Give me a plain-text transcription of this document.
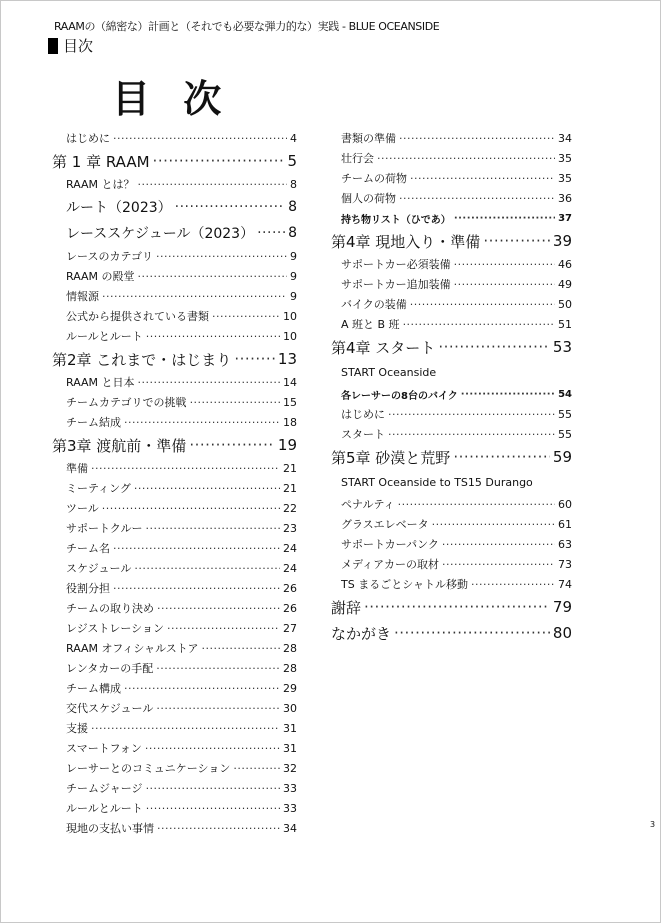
RAAMの（綿密な）計画と（それでも必要な弾力的な）実践 - BLUE OCEANSIDE
目次
目 次
はじめに ·····	4
第 1 章 RAAM ·····	5
RAAM とは？ ·····	8
ルート（2023） ·····	8
レーススケジュール（2023） ····· 8
レースのカテゴリ ·····	9
RAAM の殿堂 ·····	9
情報源 ·····	9
公式から提供されている書類 ·····	10
ルールとルート ·····	10
第2章 これまで・はじまり ·····	13
RAAM と日本 ·····	14
チームカテゴリでの挑戦 ·····	15
チーム結成 ·····	18
第3章 渡航前・準備 ·····	19
準備 ·····	21
ミーティング ·····	21
ツール ·····	22
サポートクルー ·····	23
チーム名 ·····	24
スケジュール ·····	24
役割分担 ·····	26
チームの取り決め ·····	26
レジストレーション ·····	27
RAAM オフィシャルストア ·····	28
レンタカーの手配 ·····	28
チーム構成 ·····	29
交代スケジュール ·····	30
支援 ·····	31
スマートフォン ·····	31
レーサーとのコミュニケーション ·····	32
チームジャージ ·····	33
ルールとルート ·····	33
現地の支払い事情 ·····	34
書類の準備 ·····	34
壮行会 ·····	35
チームの荷物 ·····	35
個人の荷物 ·····	36
持ち物リスト（ひであ） ·····	37
第4章 現地入り・準備 ·····	39
サポートカー必須装備 ·····	46
サポートカー追加装備 ·····	49
バイクの装備 ·····	50
A 班と B 班 ·····	51
第4章 スタート ·····	53
START Oceanside
各レーサーの8台のバイク ·····	54
はじめに ·····	55
スタート ·····	55
第5章 砂漠と荒野 ·····	59
START Oceanside to TS15 Durango
ペナルティ ·····	60
グラスエレベータ ·····	61
サポートカーパンク ·····	63
メディアカーの取材 ·····	73
TS まるごとシャトル移動 ·····	74
謝辞 ·····	79
なかがき ·····	80
3
